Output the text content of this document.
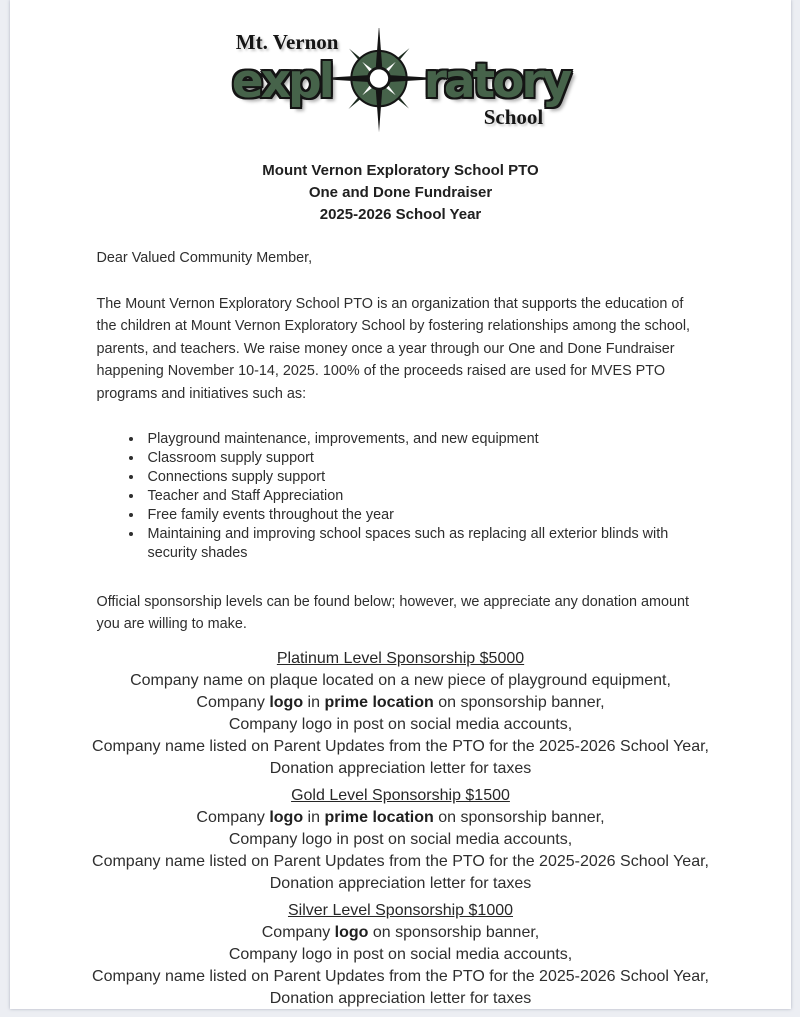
Mt. Vernon
expl ratory
School
Mount Vernon Exploratory School PTO
One and Done Fundraiser
2025-2026 School Year

Dear Valued Community Member,

The Mount Vernon Exploratory School PTO is an organization that supports the education of the children at Mount Vernon Exploratory School by fostering relationships among the school, parents, and teachers. We raise money once a year through our One and Done Fundraiser happening November 10-14, 2025. 100% of the proceeds raised are used for MVES PTO programs and initiatives such as:

• Playground maintenance, improvements, and new equipment
• Classroom supply support
• Connections supply support
• Teacher and Staff Appreciation
• Free family events throughout the year
• Maintaining and improving school spaces such as replacing all exterior blinds with security shades

Official sponsorship levels can be found below; however, we appreciate any donation amount you are willing to make.

Platinum Level Sponsorship $5000
Company name on plaque located on a new piece of playground equipment,
Company logo in prime location on sponsorship banner,
Company logo in post on social media accounts,
Company name listed on Parent Updates from the PTO for the 2025-2026 School Year,
Donation appreciation letter for taxes
Gold Level Sponsorship $1500
Company logo in prime location on sponsorship banner,
Company logo in post on social media accounts,
Company name listed on Parent Updates from the PTO for the 2025-2026 School Year,
Donation appreciation letter for taxes
Silver Level Sponsorship $1000
Company logo on sponsorship banner,
Company logo in post on social media accounts,
Company name listed on Parent Updates from the PTO for the 2025-2026 School Year,
Donation appreciation letter for taxes
